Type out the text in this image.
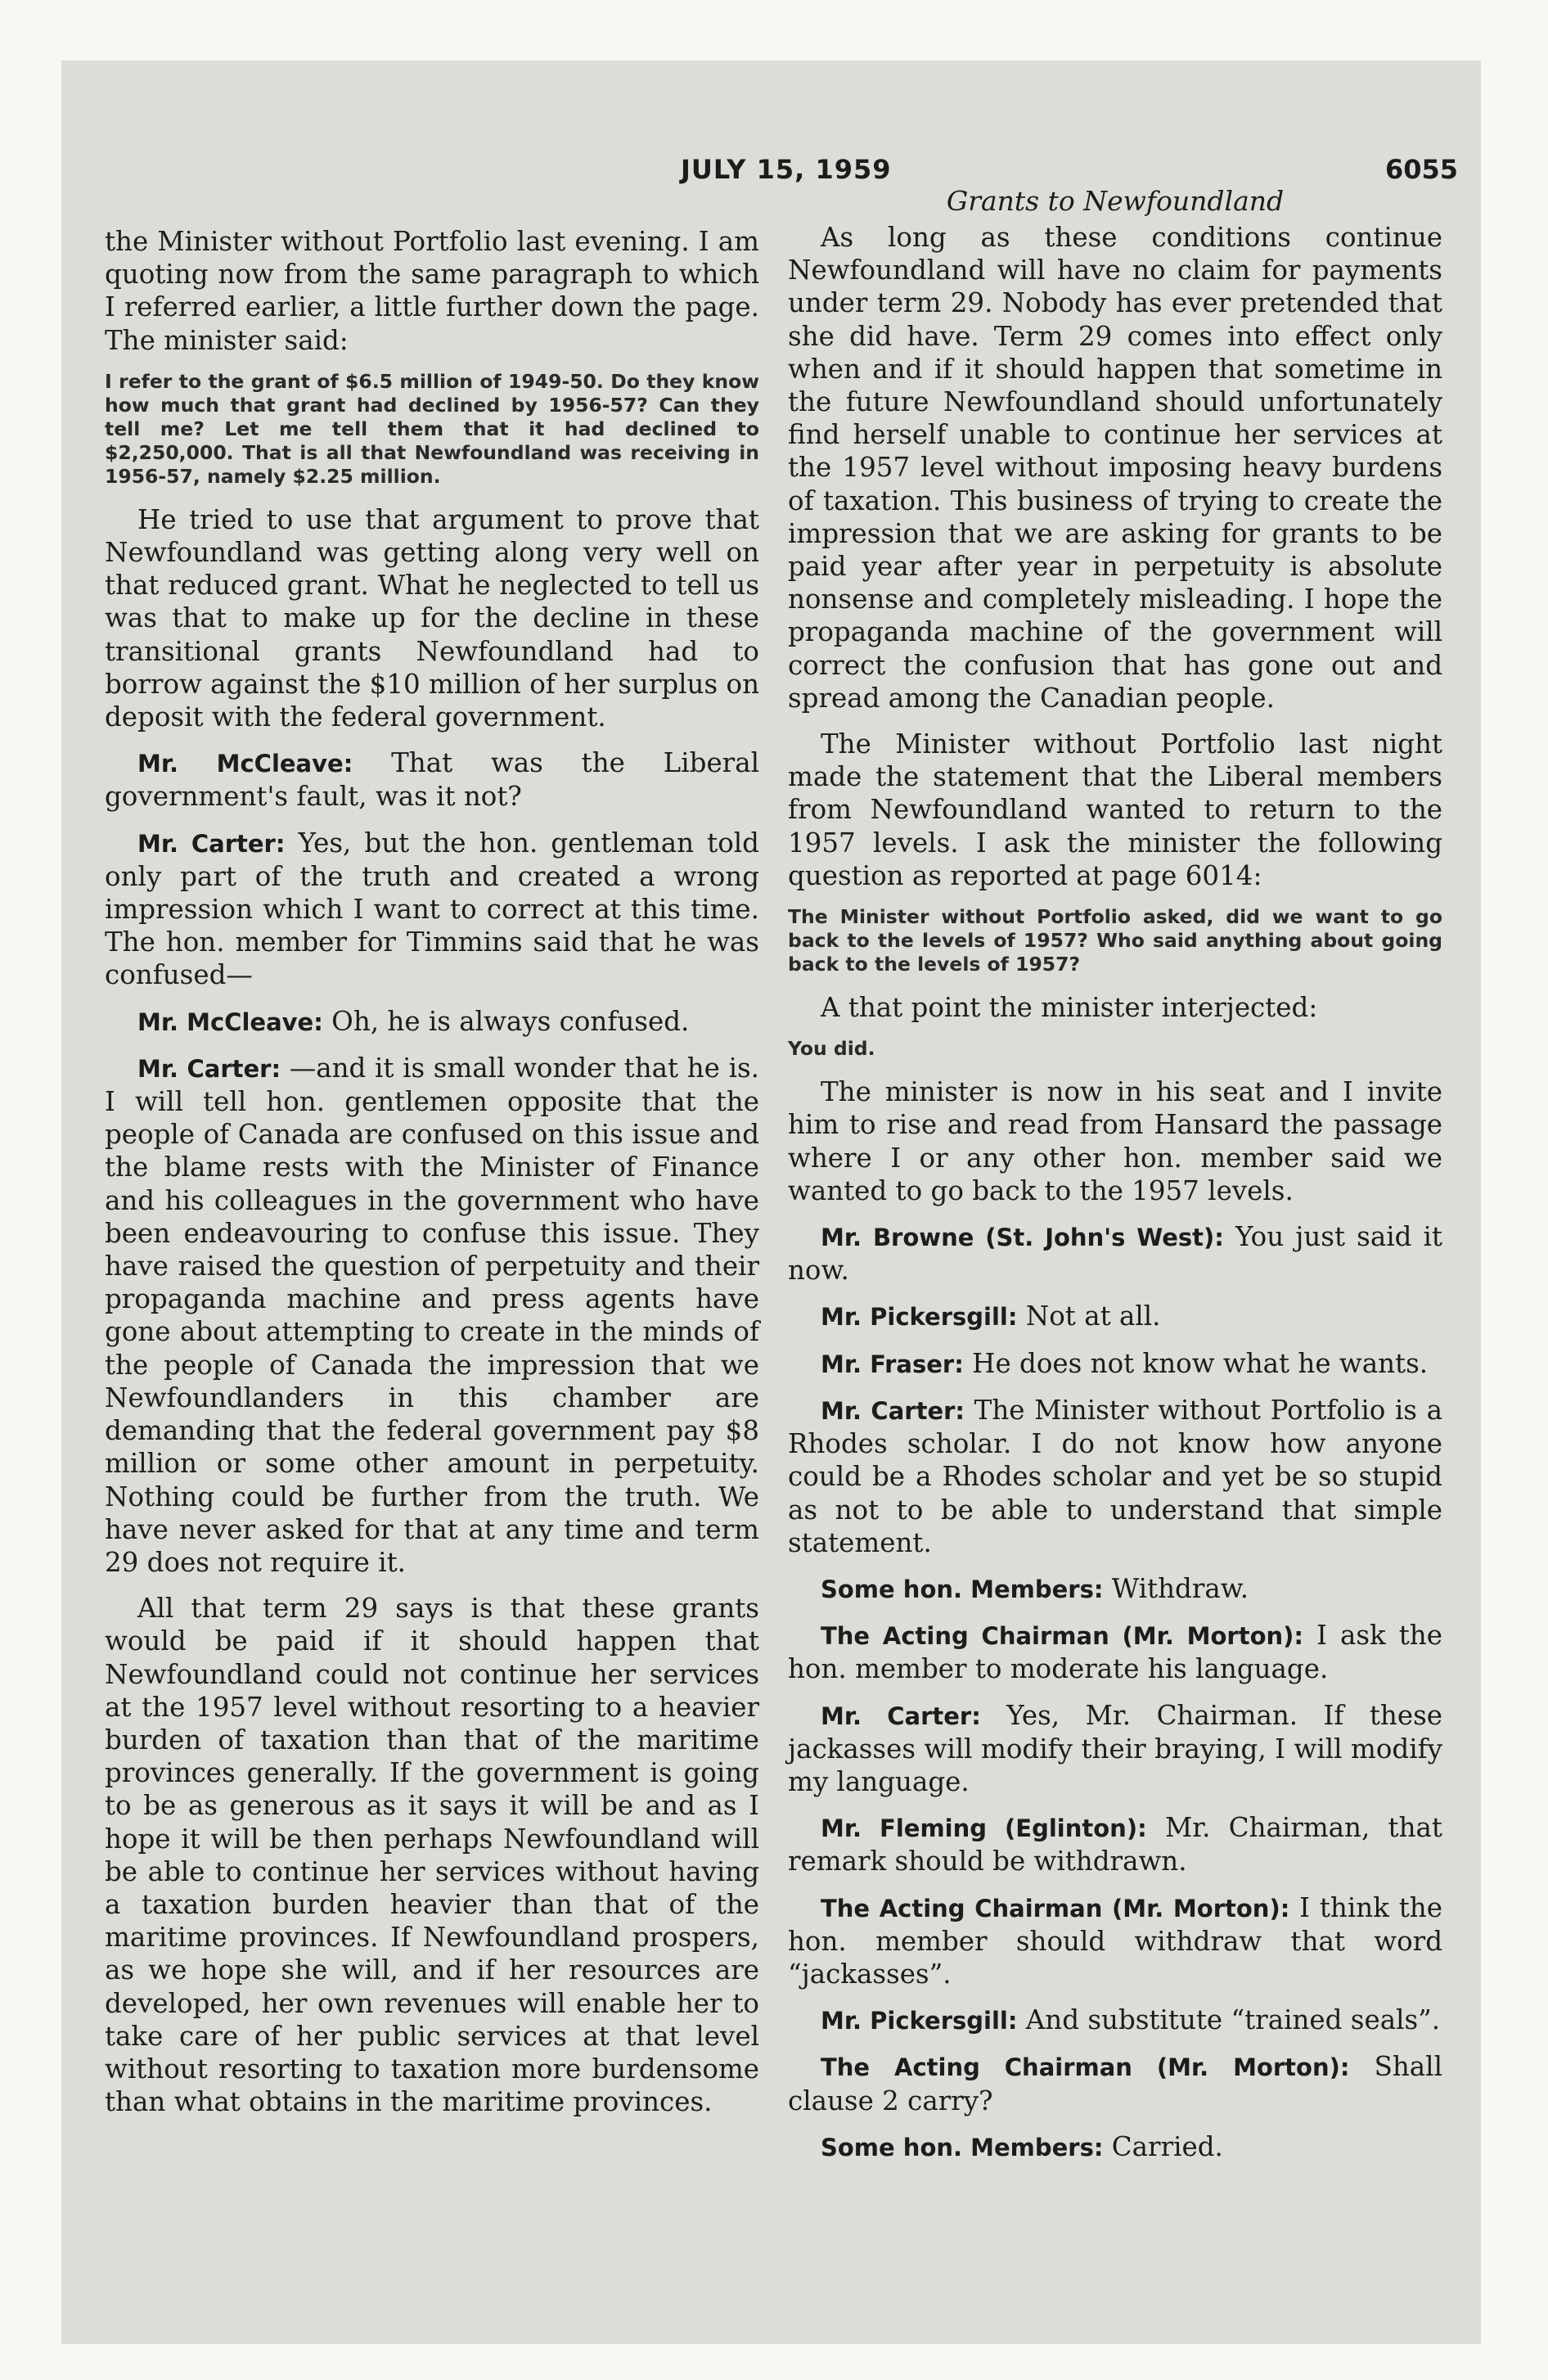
JULY 15, 1959	6055

the Minister without Portfolio last evening. I am quoting now from the same paragraph to which I referred earlier, a little further down the page. The minister said:

I refer to the grant of $6.5 million of 1949-50. Do they know how much that grant had declined by 1956-57? Can they tell me? Let me tell them that it had declined to $2,250,000. That is all that Newfoundland was receiving in 1956-57, namely $2.25 million.

He tried to use that argument to prove that Newfoundland was getting along very well on that reduced grant. What he neglected to tell us was that to make up for the decline in these transitional grants Newfoundland had to borrow against the $10 million of her surplus on deposit with the federal government.

Mr. McCleave: That was the Liberal government's fault, was it not?

Mr. Carter: Yes, but the hon. gentleman told only part of the truth and created a wrong impression which I want to correct at this time. The hon. member for Timmins said that he was confused—

Mr. McCleave: Oh, he is always confused.

Mr. Carter: —and it is small wonder that he is. I will tell hon. gentlemen opposite that the people of Canada are confused on this issue and the blame rests with the Minister of Finance and his colleagues in the government who have been endeavouring to confuse this issue. They have raised the question of perpetuity and their propaganda machine and press agents have gone about attempting to create in the minds of the people of Canada the impression that we Newfoundlanders in this chamber are demanding that the federal government pay $8 million or some other amount in perpetuity. Nothing could be further from the truth. We have never asked for that at any time and term 29 does not require it.

All that term 29 says is that these grants would be paid if it should happen that Newfoundland could not continue her services at the 1957 level without resorting to a heavier burden of taxation than that of the maritime provinces generally. If the government is going to be as generous as it says it will be and as I hope it will be then perhaps Newfoundland will be able to continue her services without having a taxation burden heavier than that of the maritime provinces. If Newfoundland prospers, as we hope she will, and if her resources are developed, her own revenues will enable her to take care of her public services at that level without resorting to taxation more burdensome than what obtains in the maritime provinces.

Grants to Newfoundland

As long as these conditions continue Newfoundland will have no claim for payments under term 29. Nobody has ever pretended that she did have. Term 29 comes into effect only when and if it should happen that sometime in the future Newfoundland should unfortunately find herself unable to continue her services at the 1957 level without imposing heavy burdens of taxation. This business of trying to create the impression that we are asking for grants to be paid year after year in perpetuity is absolute nonsense and completely misleading. I hope the propaganda machine of the government will correct the confusion that has gone out and spread among the Canadian people.

The Minister without Portfolio last night made the statement that the Liberal members from Newfoundland wanted to return to the 1957 levels. I ask the minister the following question as reported at page 6014:

The Minister without Portfolio asked, did we want to go back to the levels of 1957? Who said anything about going back to the levels of 1957?

A that point the minister interjected:

You did.

The minister is now in his seat and I invite him to rise and read from Hansard the passage where I or any other hon. member said we wanted to go back to the 1957 levels.

Mr. Browne (St. John's West): You just said it now.

Mr. Pickersgill: Not at all.

Mr. Fraser: He does not know what he wants.

Mr. Carter: The Minister without Portfolio is a Rhodes scholar. I do not know how anyone could be a Rhodes scholar and yet be so stupid as not to be able to understand that simple statement.

Some hon. Members: Withdraw.

The Acting Chairman (Mr. Morton): I ask the hon. member to moderate his language.

Mr. Carter: Yes, Mr. Chairman. If these jackasses will modify their braying, I will modify my language.

Mr. Fleming (Eglinton): Mr. Chairman, that remark should be withdrawn.

The Acting Chairman (Mr. Morton): I think the hon. member should withdraw that word “jackasses”.

Mr. Pickersgill: And substitute “trained seals”.

The Acting Chairman (Mr. Morton): Shall clause 2 carry?

Some hon. Members: Carried.
